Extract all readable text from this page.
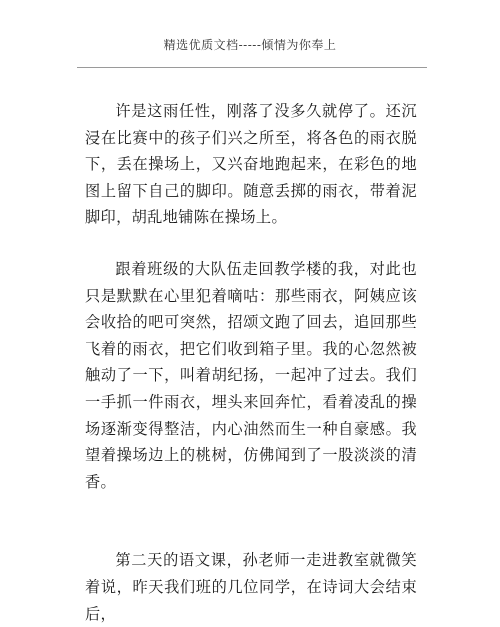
精选优质文档-----倾情为你奉上

许是这雨任性，刚落了没多久就停了。还沉浸在比赛中的孩子们兴之所至，将各色的雨衣脱下，丢在操场上，又兴奋地跑起来，在彩色的地图上留下自己的脚印。随意丢掷的雨衣，带着泥脚印，胡乱地铺陈在操场上。

跟着班级的大队伍走回教学楼的我，对此也只是默默在心里犯着嘀咕：那些雨衣，阿姨应该会收拾的吧可突然，招颂文跑了回去，追回那些飞着的雨衣，把它们收到箱子里。我的心忽然被触动了一下，叫着胡纪扬，一起冲了过去。我们一手抓一件雨衣，埋头来回奔忙，看着凌乱的操场逐渐变得整洁，内心油然而生一种自豪感。我望着操场边上的桃树，仿佛闻到了一股淡淡的清香。

第二天的语文课，孙老师一走进教室就微笑着说，昨天我们班的几位同学，在诗词大会结束后，
